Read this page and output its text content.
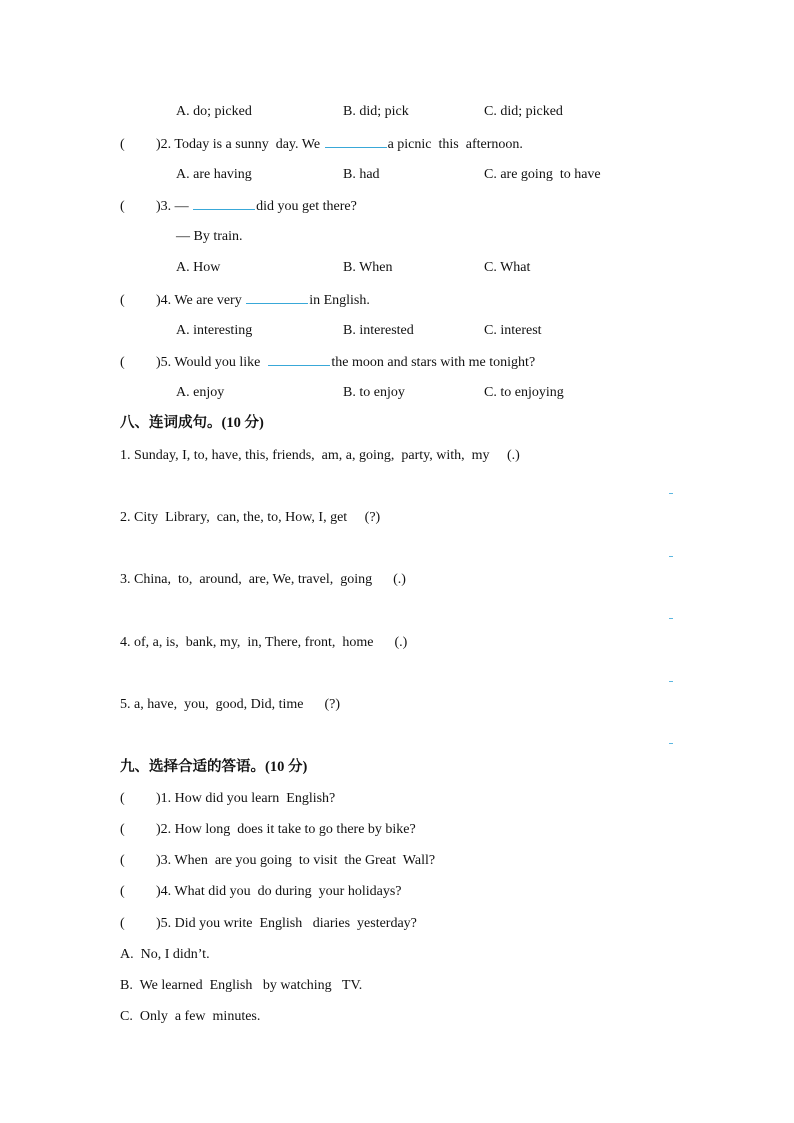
A. do; picked	B. did; pick	C. did; picked
( )2. Today is a sunny  day. We	a picnic  this  afternoon.
A. are having	B. had	C. are going  to have
( )3. —	did you get there?
— By train.
A. How	B. When	C. What
( )4. We are very	in English.
A. interesting	B. interested	C. interest
( )5. Would you like	the moon and stars with me tonight?
A. enjoy	B. to enjoy	C. to enjoying
八、连词成句。(10 分)
1. Sunday, I, to, have, this, friends,  am, a, going,  party, with,  my     (.)
2. City  Library,  can, the, to, How, I, get     (?)
3. China,  to,  around,  are, We, travel,  going      (.)
4. of, a, is,  bank, my,  in, There, front,  home      (.)
5. a, have,  you,  good, Did, time      (?)
九、选择合适的答语。(10 分)
( )1. How did you learn  English?
( )2. How long  does it take to go there by bike?
( )3. When  are you going  to visit  the Great  Wall?
( )4. What did you  do during  your holidays?
( )5. Did you write  English   diaries  yesterday?
A.  No, I didn’t.
B.  We learned  English   by watching   TV.
C.  Only  a few  minutes.
